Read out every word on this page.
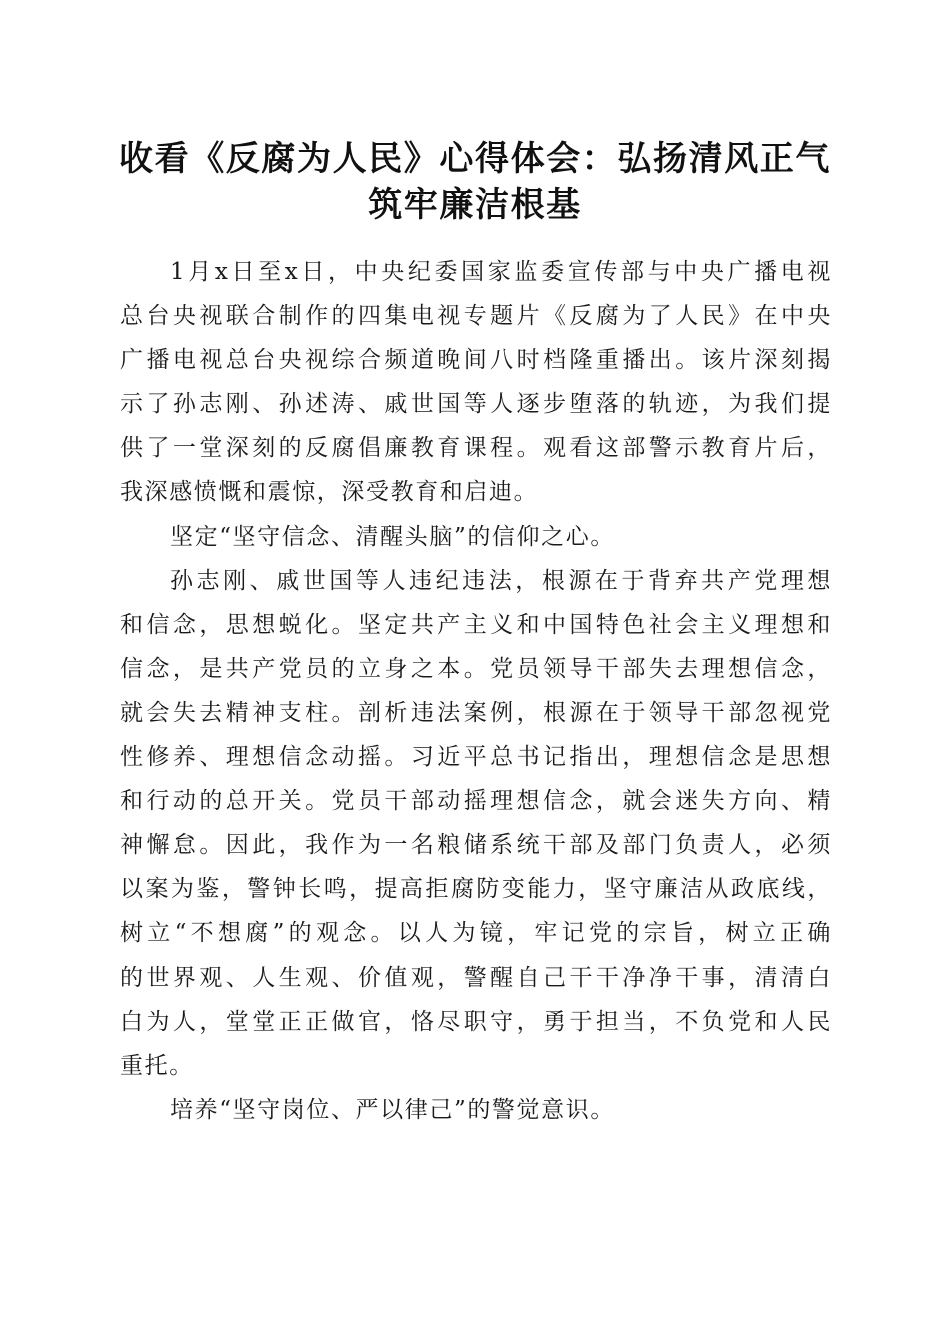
收看《反腐为人民》心得体会：弘扬清风正气
筑牢廉洁根基

1月x日至x日，中央纪委国家监委宣传部与中央广播电视
总台央视联合制作的四集电视专题片《反腐为了人民》在中央
广播电视总台央视综合频道晚间八时档隆重播出。该片深刻揭
示了孙志刚、孙述涛、戚世国等人逐步堕落的轨迹，为我们提
供了一堂深刻的反腐倡廉教育课程。观看这部警示教育片后，
我深感愤慨和震惊，深受教育和启迪。

坚定“坚守信念、清醒头脑”的信仰之心。

孙志刚、戚世国等人违纪违法，根源在于背弃共产党理想
和信念，思想蜕化。坚定共产主义和中国特色社会主义理想和
信念，是共产党员的立身之本。党员领导干部失去理想信念，
就会失去精神支柱。剖析违法案例，根源在于领导干部忽视党
性修养、理想信念动摇。习近平总书记指出，理想信念是思想
和行动的总开关。党员干部动摇理想信念，就会迷失方向、精
神懈怠。因此，我作为一名粮储系统干部及部门负责人，必须
以案为鉴，警钟长鸣，提高拒腐防变能力，坚守廉洁从政底线，
树立“不想腐”的观念。以人为镜，牢记党的宗旨，树立正确
的世界观、人生观、价值观，警醒自己干干净净干事，清清白
白为人，堂堂正正做官，恪尽职守，勇于担当，不负党和人民
重托。

培养“坚守岗位、严以律己”的警觉意识。
